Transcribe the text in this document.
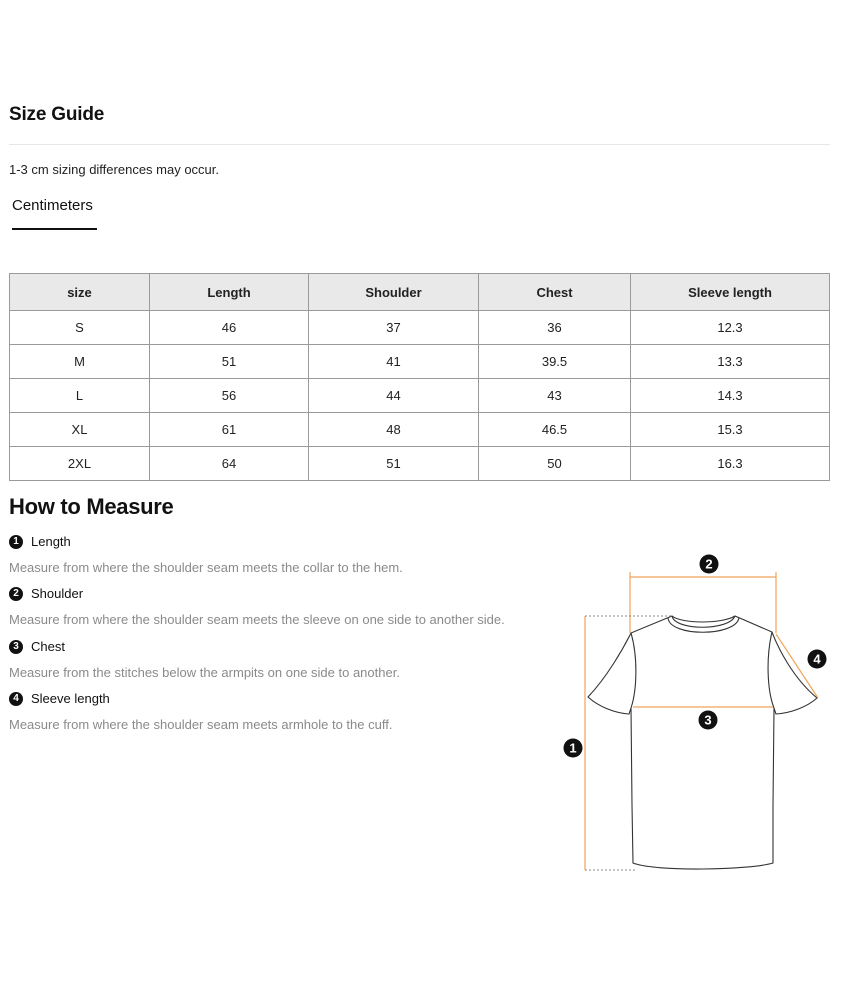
Size Guide
1-3 cm sizing differences may occur.
Centimeters
size	Length	Shoulder	Chest	Sleeve length
S	46	37	36	12.3
M	51	41	39.5	13.3
L	56	44	43	14.3
XL	61	48	46.5	15.3
2XL	64	51	50	16.3
How to Measure
1 Length
Measure from where the shoulder seam meets the collar to the hem.
2 Shoulder
Measure from where the shoulder seam meets the sleeve on one side to another side.
3 Chest
Measure from the stitches below the armpits on one side to another.
4 Sleeve length
Measure from where the shoulder seam meets armhole to the cuff.
2
1
3
4
